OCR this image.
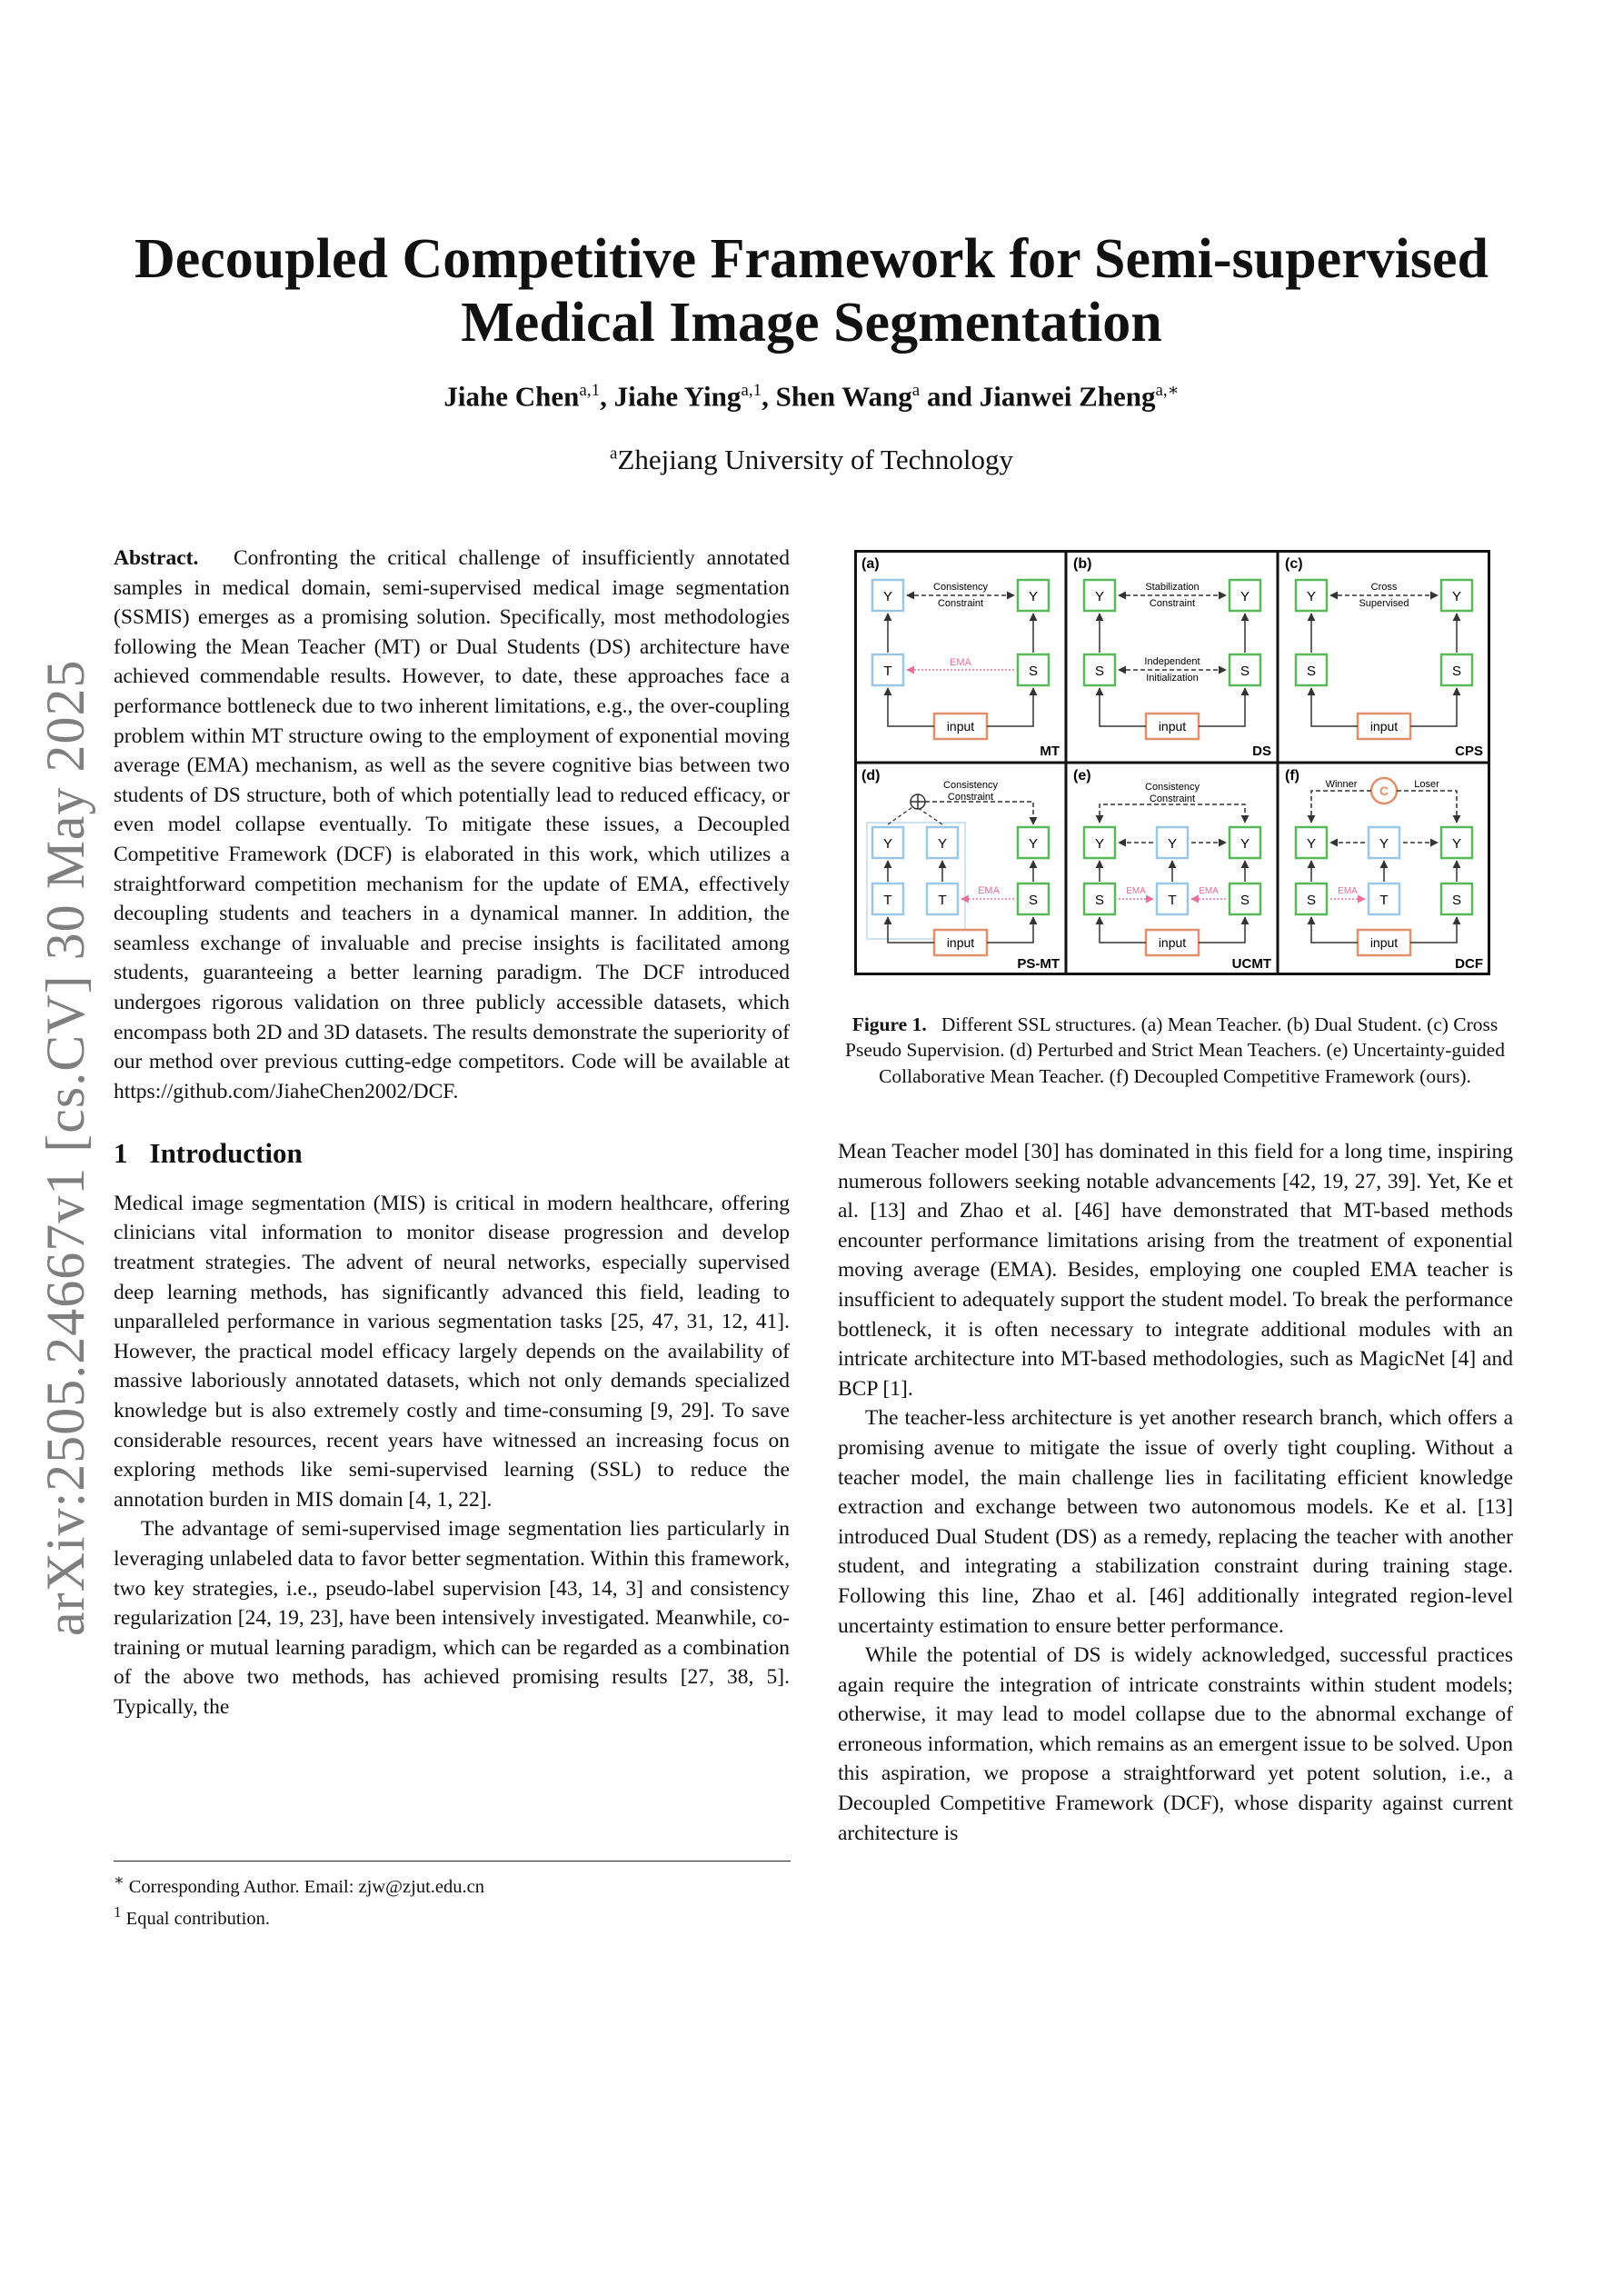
arXiv:2505.24667v1 [cs.CV] 30 May 2025
Decoupled Competitive Framework for Semi-supervised
Medical Image Segmentation
Jiahe Chen$^{a,1}$, Jiahe Ying$^{a,1}$, Shen Wang$^a$ and Jianwei Zheng$^{a,∗}$
$^a$Zhejiang University of Technology

Abstract. Confronting the critical challenge of insufficiently annotated samples in medical domain, semi-supervised medical image segmentation (SSMIS) emerges as a promising solution. Specifically, most methodologies following the Mean Teacher (MT) or Dual Students (DS) architecture have achieved commendable results. However, to date, these approaches face a performance bottleneck due to two inherent limitations, e.g., the over-coupling problem within MT structure owing to the employment of exponential moving average (EMA) mechanism, as well as the severe cognitive bias between two students of DS structure, both of which potentially lead to reduced efficacy, or even model collapse eventually. To mitigate these issues, a Decoupled Competitive Framework (DCF) is elaborated in this work, which utilizes a straightforward competition mechanism for the update of EMA, effectively decoupling students and teachers in a dynamical manner. In addition, the seamless exchange of invaluable and precise insights is facilitated among students, guaranteeing a better learning paradigm. The DCF introduced undergoes rigorous validation on three publicly accessible datasets, which encompass both 2D and 3D datasets. The results demonstrate the superiority of our method over previous cutting-edge competitors. Code will be available at https://github.com/JiaheChen2002/DCF.

1 Introduction

Medical image segmentation (MIS) is critical in modern healthcare, offering clinicians vital information to monitor disease progression and develop treatment strategies. The advent of neural networks, especially supervised deep learning methods, has significantly advanced this field, leading to unparalleled performance in various segmentation tasks [25, 47, 31, 12, 41]. However, the practical model efficacy largely depends on the availability of massive laboriously annotated datasets, which not only demands specialized knowledge but is also extremely costly and time-consuming [9, 29]. To save considerable resources, recent years have witnessed an increasing focus on exploring methods like semi-supervised learning (SSL) to reduce the annotation burden in MIS domain [4, 1, 22].

The advantage of semi-supervised image segmentation lies particularly in leveraging unlabeled data to favor better segmentation. Within this framework, two key strategies, i.e., pseudo-label supervision [43, 14, 3] and consistency regularization [24, 19, 23], have been intensively investigated. Meanwhile, co-training or mutual learning paradigm, which can be regarded as a combination of the above two methods, has achieved promising results [27, 38, 5]. Typically, the

∗ Corresponding Author. Email: zjw@zjut.edu.cn
$^1$ Equal contribution.
(a)
Y	Y
Consistency
Constraint
T	S
EMA
input
MT
(b)
Y	Y
Stabilization
Constraint
S	S
Independent
Initialization
input
DS
(c)
Y	Y
Cross
Supervised
S	S
input
CPS
(d)
Consistency
Constraint
Y	Y	Y
T	T	S
EMA
input
PS-MT
(e)
Consistency
Constraint
Y	Y	Y
S	T	S
EMA	EMA
input
UCMT
(f)
C
Winner	Loser
Y	Y	Y
S	T	S
EMA
input
DCF
Figure 1. Different SSL structures. (a) Mean Teacher. (b) Dual Student. (c) Cross Pseudo Supervision. (d) Perturbed and Strict Mean Teachers. (e) Uncertainty-guided Collaborative Mean Teacher. (f) Decoupled Competitive Framework (ours).

Mean Teacher model [30] has dominated in this field for a long time, inspiring numerous followers seeking notable advancements [42, 19, 27, 39]. Yet, Ke et al. [13] and Zhao et al. [46] have demonstrated that MT-based methods encounter performance limitations arising from the treatment of exponential moving average (EMA). Besides, employing one coupled EMA teacher is insufficient to adequately support the student model. To break the performance bottleneck, it is often necessary to integrate additional modules with an intricate architecture into MT-based methodologies, such as MagicNet [4] and BCP [1].

The teacher-less architecture is yet another research branch, which offers a promising avenue to mitigate the issue of overly tight coupling. Without a teacher model, the main challenge lies in facilitating efficient knowledge extraction and exchange between two autonomous models. Ke et al. [13] introduced Dual Student (DS) as a remedy, replacing the teacher with another student, and integrating a stabilization constraint during training stage. Following this line, Zhao et al. [46] additionally integrated region-level uncertainty estimation to ensure better performance.

While the potential of DS is widely acknowledged, successful practices again require the integration of intricate constraints within student models; otherwise, it may lead to model collapse due to the abnormal exchange of erroneous information, which remains as an emergent issue to be solved. Upon this aspiration, we propose a straightforward yet potent solution, i.e., a Decoupled Competitive Framework (DCF), whose disparity against current architecture is
